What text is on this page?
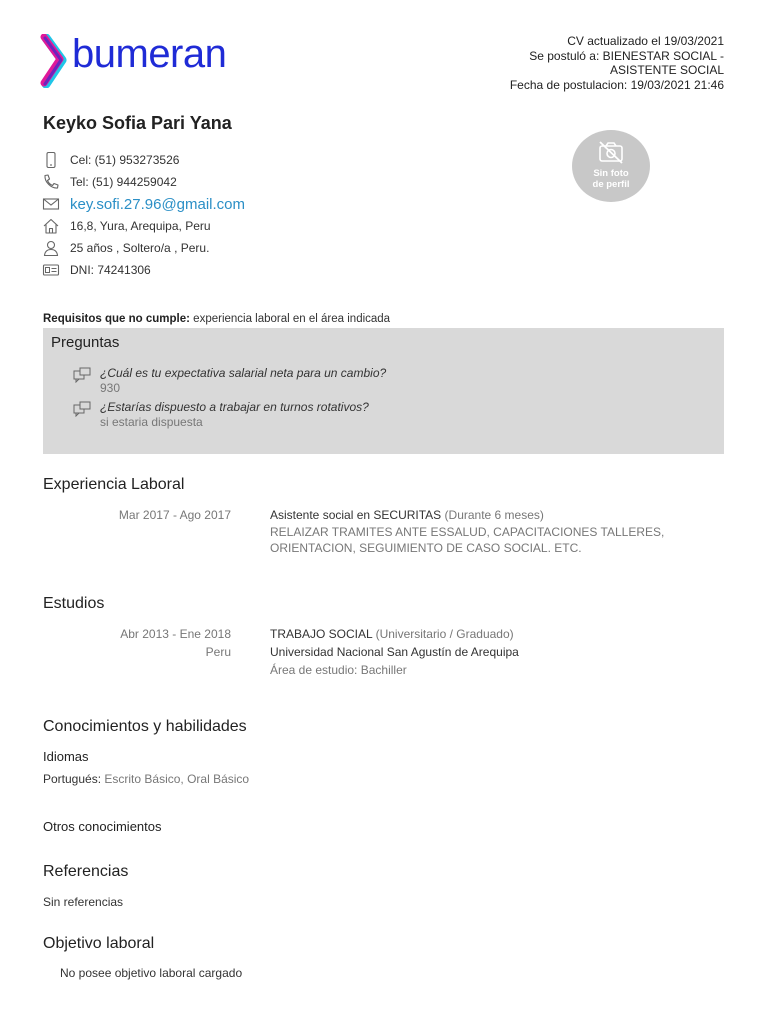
bumeran	CV actualizado el 19/03/2021
Se postuló a: BIENESTAR SOCIAL -
ASISTENTE SOCIAL
Fecha de postulacion: 19/03/2021 21:46
Keyko Sofia Pari Yana
Cel: (51) 953273526
Tel: (51) 944259042
key.sofi.27.96@gmail.com
16,8, Yura, Arequipa, Peru
25 años , Soltero/a , Peru.
DNI: 74241306
Sin foto
de perfil
Requisitos que no cumple: experiencia laboral en el área indicada
Preguntas
¿Cuál es tu expectativa salarial neta para un cambio?
930
¿Estarías dispuesto a trabajar en turnos rotativos?
si estaria dispuesta
Experiencia Laboral
Mar 2017 - Ago 2017	Asistente social en SECURITAS (Durante 6 meses)
RELAIZAR TRAMITES ANTE ESSALUD, CAPACITACIONES TALLERES, ORIENTACION, SEGUIMIENTO DE CASO SOCIAL. ETC.
Estudios
Abr 2013 - Ene 2018
Peru
TRABAJO SOCIAL (Universitario / Graduado)
Universidad Nacional San Agustín de Arequipa
Área de estudio: Bachiller
Conocimientos y habilidades
Idiomas
Portugués: Escrito Básico, Oral Básico
Otros conocimientos
Referencias
Sin referencias
Objetivo laboral
No posee objetivo laboral cargado
